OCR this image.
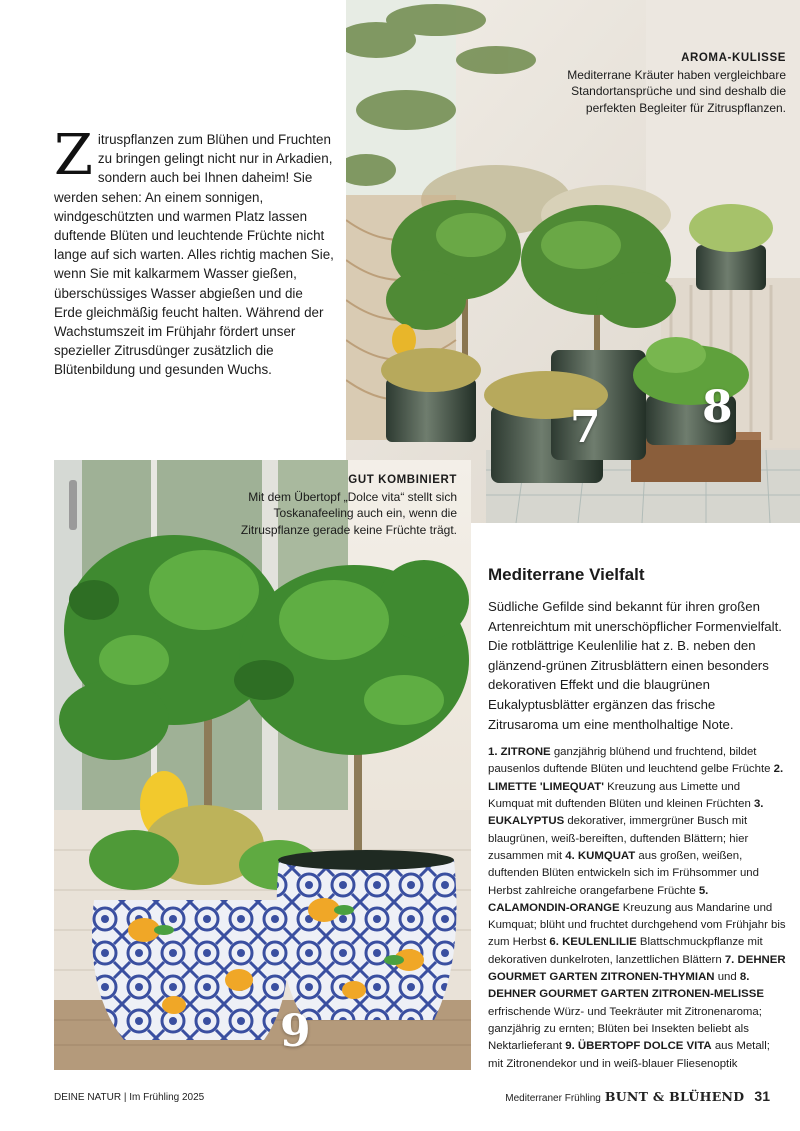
7 8
AROMA-KULISSE
Mediterrane Kräuter haben vergleichbare Standortansprüche und sind deshalb die perfekten Begleiter für Zitruspflanzen.
Z itruspflanzen zum Blühen und Fruchten zu bringen gelingt nicht nur in Arkadien, sondern auch bei Ihnen daheim! Sie werden sehen: An einem sonnigen, windgeschützten und warmen Platz lassen duftende Blüten und leuchtende Früchte nicht lange auf sich warten. Alles richtig machen Sie, wenn Sie mit kalkarmem Wasser gießen, überschüssiges Wasser abgießen und die Erde gleichmäßig feucht halten. Während der Wachstumszeit im Frühjahr fördert unser spezieller Zitrusdünger zusätzlich die Blütenbildung und gesunden Wuchs.
9
GUT KOMBINIERT
Mit dem Übertopf „Dolce vita“ stellt sich Toskanafeeling auch ein, wenn die Zitruspflanze gerade keine Früchte trägt.
Mediterrane Vielfalt

Südliche Gefilde sind bekannt für ihren großen Artenreichtum mit unerschöpflicher Formenvielfalt. Die rotblättrige Keulenlilie hat z. B. neben den glänzend-grünen Zitrusblättern einen besonders dekorativen Effekt und die blaugrünen Eukalyptusblätter ergänzen das frische Zitrusaroma um eine mentholhaltige Note.

1. ZITRONE ganzjährig blühend und fruchtend, bildet pausenlos duftende Blüten und leuchtend gelbe Früchte 2. LIMETTE 'LIMEQUAT' Kreuzung aus Limette und Kumquat mit duftenden Blüten und kleinen Früchten 3. EUKALYPTUS dekorativer, immergrüner Busch mit blaugrünen, weiß-bereiften, duftenden Blättern; hier zusammen mit 4. KUMQUAT aus großen, weißen, duftenden Blüten entwickeln sich im Frühsommer und Herbst zahlreiche orangefarbene Früchte 5. CALAMONDIN-ORANGE Kreuzung aus Mandarine und Kumquat; blüht und fruchtet durchgehend vom Frühjahr bis zum Herbst 6. KEULENLILIE Blattschmuckpflanze mit dekorativen dunkelroten, lanzettlichen Blättern 7. DEHNER GOURMET GARTEN ZITRONEN-THYMIAN und 8. DEHNER GOURMET GARTEN ZITRONEN-MELISSE erfrischende Würz- und Teekräuter mit Zitronenaroma; ganzjährig zu ernten; Blüten bei Insekten beliebt als Nektarlieferant 9. ÜBERTOPF DOLCE VITA aus Metall; mit Zitronendekor und in weiß-blauer Fliesenoptik

DEINE NATUR | Im Frühling 2025	Mediterraner Frühling BUNT & BLÜHEND 31
